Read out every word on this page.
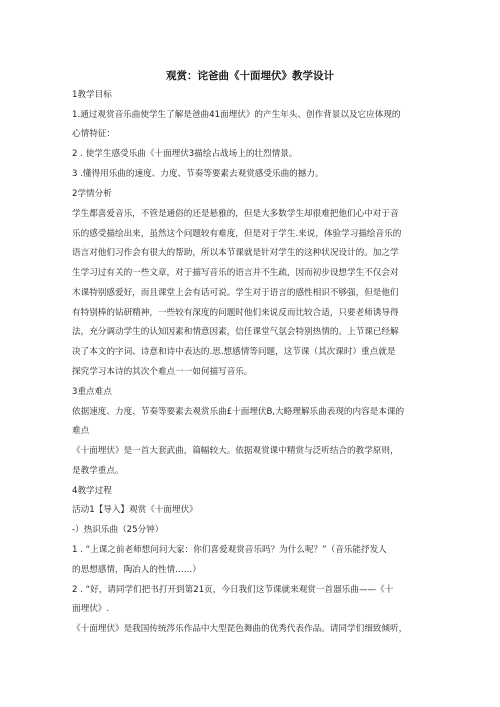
观赏：诧爸曲《十面埋伏》教学设计
1教学目标
1.通过观赏音乐曲使学生了解是爸曲41面埋伏》的产生年头、创作背景以及它应体现的
心情特征：
2 . 使学生感受乐曲《十面埋伏3描绘占战场上的壮烈情景。
3 .懂得用乐曲的速度、力度、节奏等要素去观赏感受乐曲的撼力。
2学情分析
学生都喜爱音乐，不管是通俗的还是悬雅的，但是大多数学生却很难把他们心中对于音
乐的感受描绘出来，虽然这个问题较有难度，但是对于学生.来说，体验学习描绘音乐的
语言对他们习作会有很大的帮助，所以本节课就是针对学生的这种状况设计的。加之学
生学习过有关的一些文章，对于描写音乐的语言并不生疏，因而初步设想学生不仅会对
木课特别感爱好，而且课堂上会有话可说。学生对于语言的感性相识不够强，但是他们
有特别棒的钻研精神，一些较有深度的问题时他们来说反而比较合适，只要老师诱导得
法，充分调动学生的认知因素和情意因素，信任课堂气氛会特别热情的。上节课已经解
决了本文的字词、诗意和诗中表达的.思.想感情等问题，这节课（其次课时）重点就是
探究学习本诗的其次个难点一一如何描写音乐。
3重点难点
依据速度、力度、节奏等要素去观赏乐曲£十面埋伏B,大略理解乐曲表现的内容是本课的
难点
《十面埋伏》是一首大套武曲，篇幅较大。依据观赏课中精赏与泛听结合的教学原则，
是教学重点。
4教学过程
活动1【导入】观赏《十面埋伏》
-）热识乐曲（25分钟）
1 . “上课之前老师想问问大家：你们喜爱观赏音乐吗？为什么呢？”（音乐能抒发人
的思想感情，陶冶人的性情……）
2 . “好，请同学们把书打开到第21页，今日我们这节课就来观赏一首器乐曲——《十
面埋伏》.
《十面埋伏》是我国传统涔乐作品中大型琵色舞曲的优秀代表作品。请同学们细致倾听，
